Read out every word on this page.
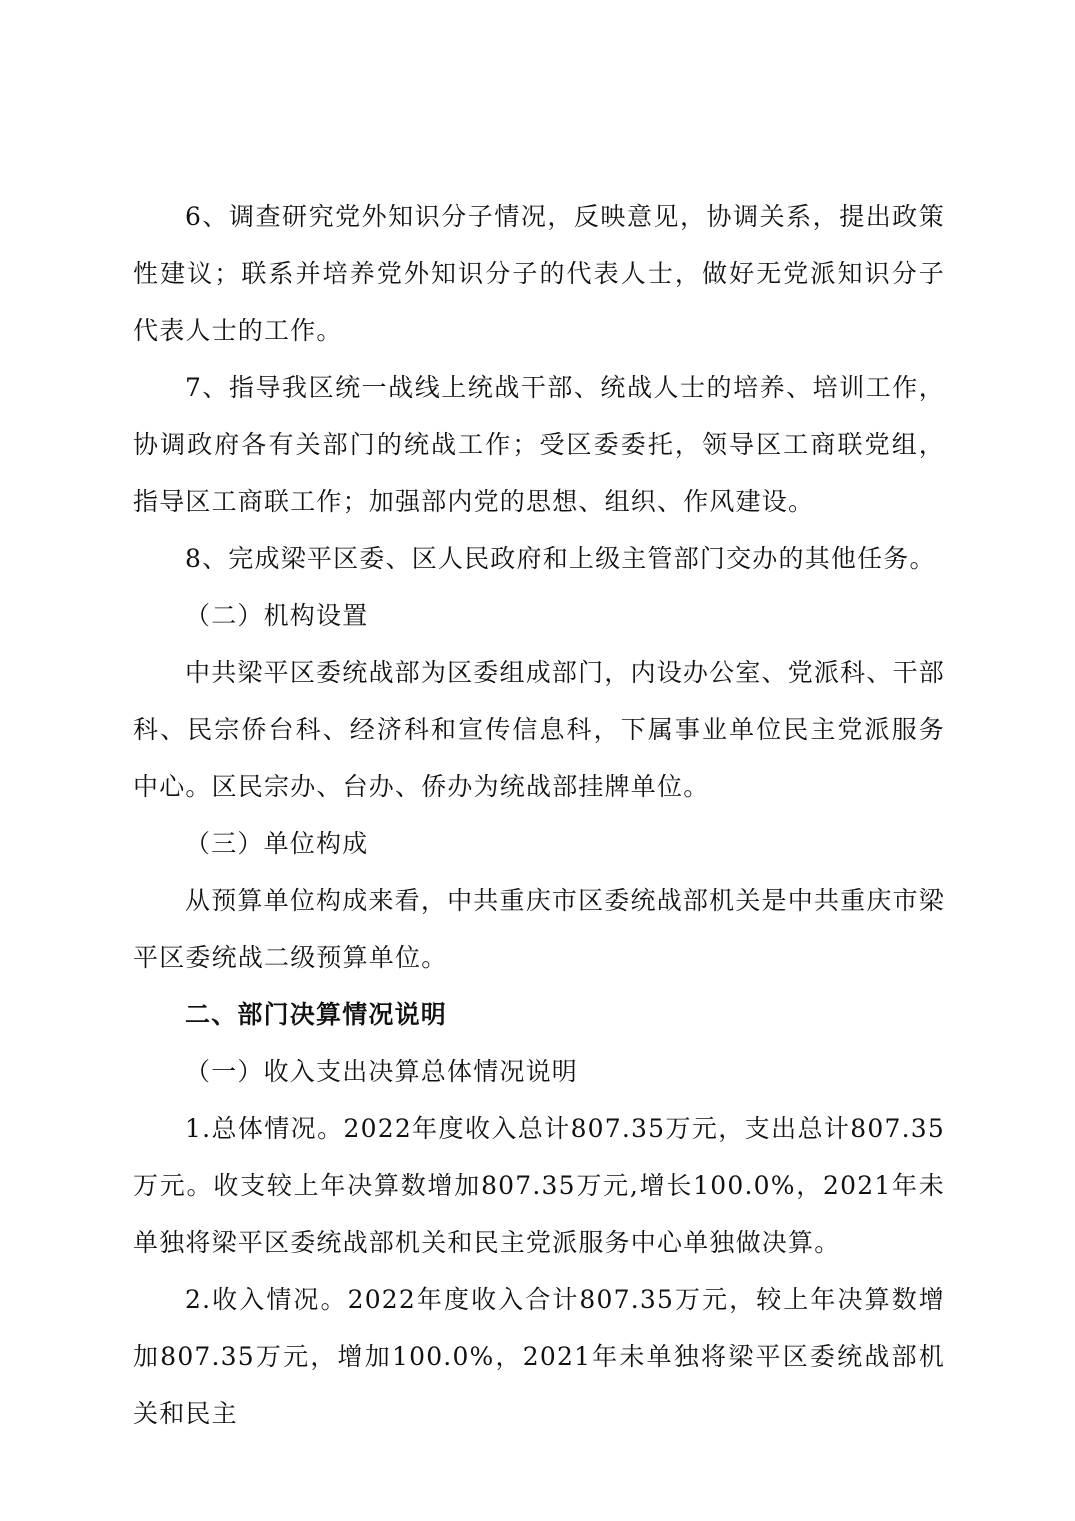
6、调查研究党外知识分子情况，反映意见，协调关系，提出政策性建议；联系并培养党外知识分子的代表人士，做好无党派知识分子代表人士的工作。

7、指导我区统一战线上统战干部、统战人士的培养、培训工作，协调政府各有关部门的统战工作；受区委委托，领导区工商联党组，指导区工商联工作；加强部内党的思想、组织、作风建设。

8、完成梁平区委、区人民政府和上级主管部门交办的其他任务。

（二）机构设置

中共梁平区委统战部为区委组成部门，内设办公室、党派科、干部科、民宗侨台科、经济科和宣传信息科，下属事业单位民主党派服务中心。区民宗办、台办、侨办为统战部挂牌单位。

（三）单位构成

从预算单位构成来看，中共重庆市区委统战部机关是中共重庆市梁平区委统战二级预算单位。

二、部门决算情况说明

（一）收入支出决算总体情况说明

1.总体情况。2022年度收入总计807.35万元，支出总计807.35万元。收支较上年决算数增加807.35万元,增长100.0%，2021年未单独将梁平区委统战部机关和民主党派服务中心单独做决算。

2.收入情况。2022年度收入合计807.35万元，较上年决算数增加807.35万元，增加100.0%，2021年未单独将梁平区委统战部机关和民主
